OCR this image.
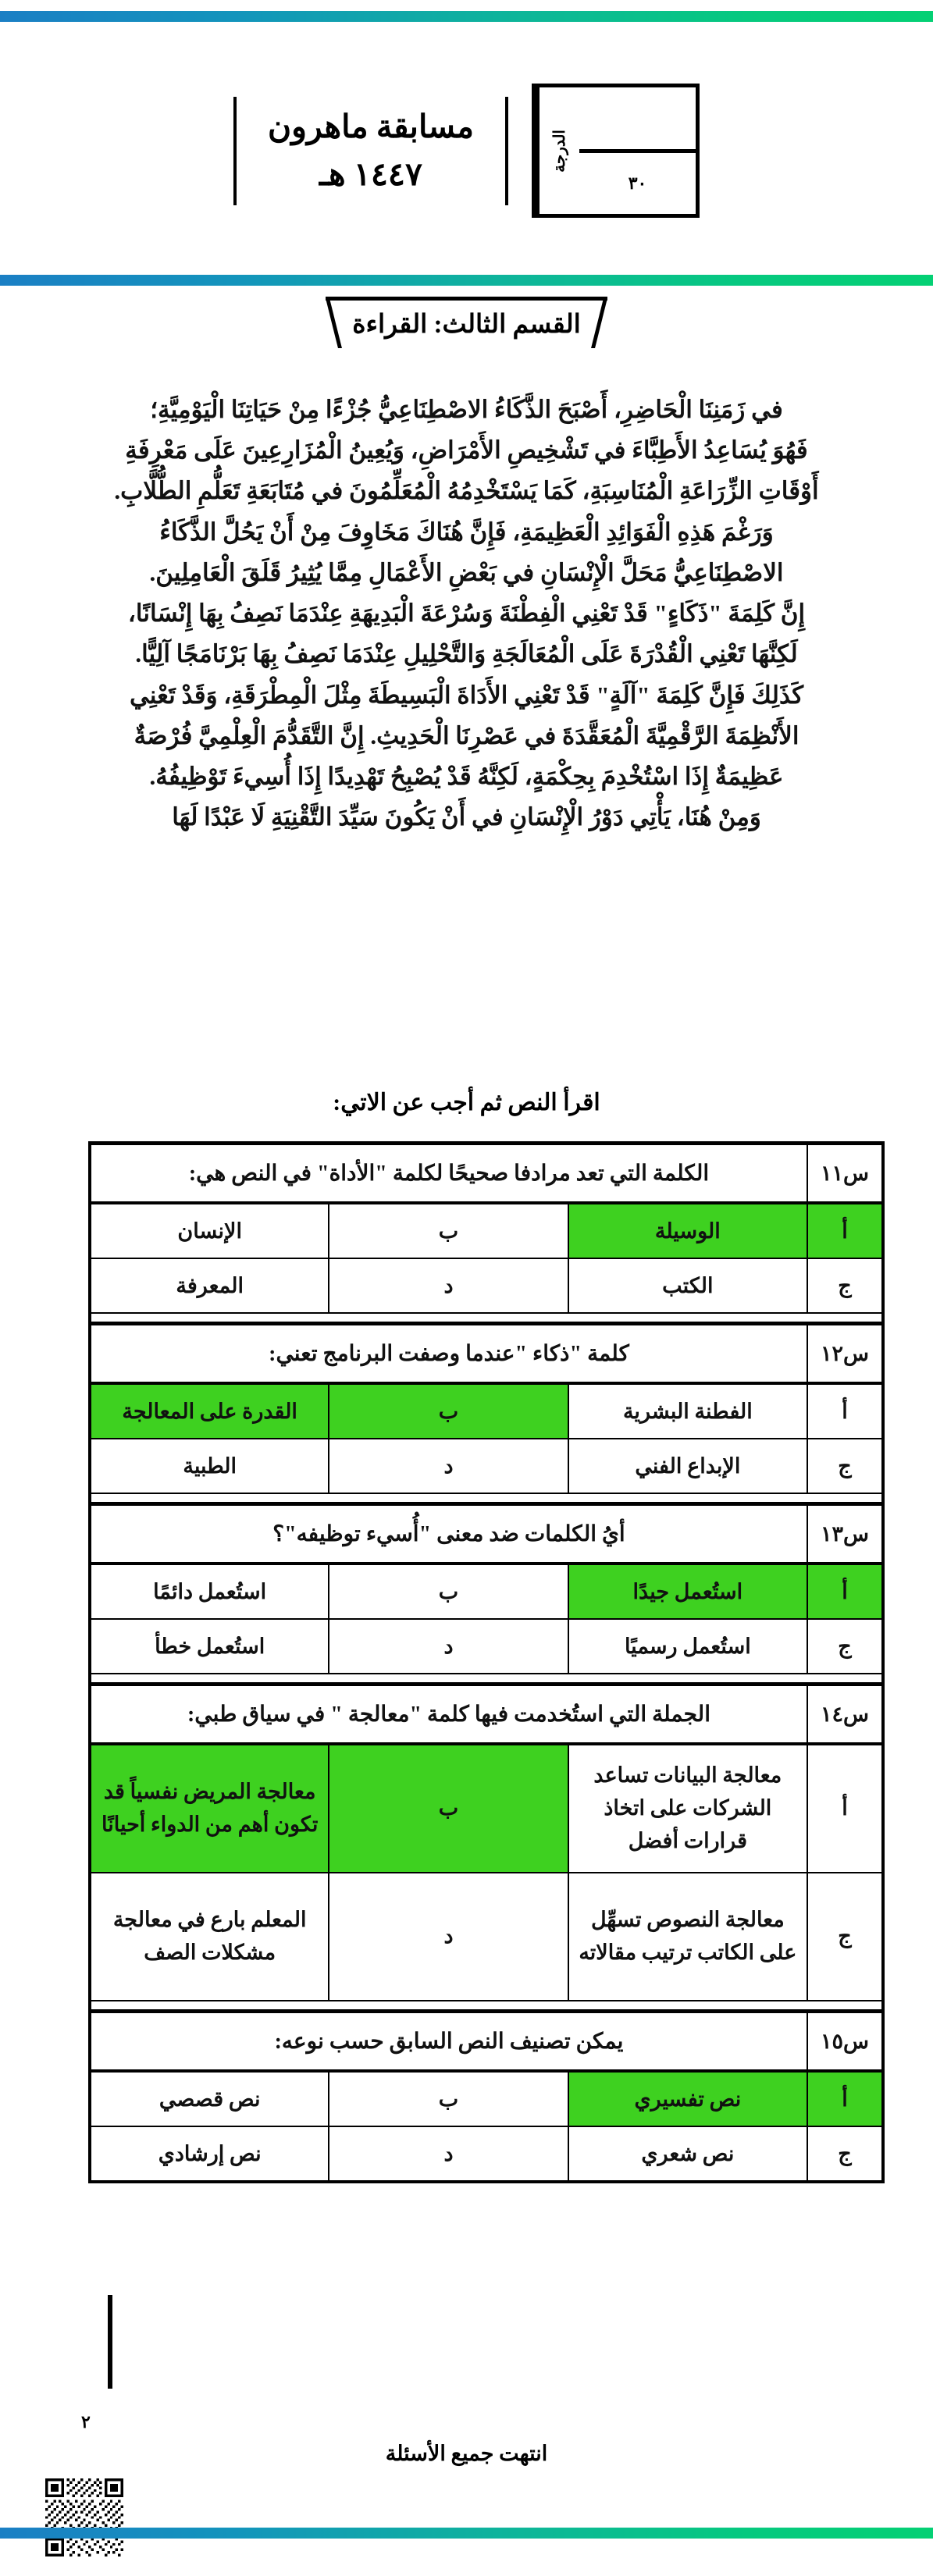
مسابقة ماهرون
١٤٤٧ هـ
الدرجة
٣٠
القسم الثالث: القراءة

في زَمَنِنَا الْحَاضِرِ، أَصْبَحَ الذَّكَاءُ الاصْطِنَاعِيُّ جُزْءًا مِنْ حَيَاتِنَا الْيَوْمِيَّةِ؛

فَهُوَ يُسَاعِدُ الأَطِبَّاءَ في تَشْخِيصِ الأَمْرَاضِ، وَيُعِينُ الْمُزَارِعِينَ عَلَى مَعْرِفَةِ

أَوْقَاتِ الزِّرَاعَةِ الْمُنَاسِبَةِ، كَمَا يَسْتَخْدِمُهُ الْمُعَلِّمُونَ في مُتَابَعَةِ تَعَلُّمِ الطُّلَّابِ.

وَرَغْمَ هَذِهِ الْفَوَائِدِ الْعَظِيمَةِ، فَإِنَّ هُنَاكَ مَخَاوِفَ مِنْ أَنْ يَحُلَّ الذَّكَاءُ

الاصْطِنَاعِيُّ مَحَلَّ الْإِنْسَانِ في بَعْضِ الأَعْمَالِ مِمَّا يُثِيرُ قَلَقَ الْعَامِلِينَ.

إِنَّ كَلِمَةَ "ذَكَاءٍ" قَدْ تَعْنِي الْفِطْنَةَ وَسُرْعَةَ الْبَدِيهَةِ عِنْدَمَا نَصِفُ بِهَا إِنْسَانًا،

لَكِنَّهَا تَعْنِي الْقُدْرَةَ عَلَى الْمُعَالَجَةِ وَالتَّحْلِيلِ عِنْدَمَا نَصِفُ بِهَا بَرْنَامَجًا آلِيًّا.

كَذَلِكَ فَإِنَّ كَلِمَةَ "آلَةٍ" قَدْ تَعْنِي الأَدَاةَ الْبَسِيطَةَ مِثْلَ الْمِطْرَقَةِ، وَقَدْ تَعْنِي

الأَنْظِمَةَ الرَّقْمِيَّةَ الْمُعَقَّدَةَ في عَصْرِنَا الْحَدِيثِ. إِنَّ التَّقَدُّمَ الْعِلْمِيَّ فُرْصَةٌ

عَظِيمَةٌ إِذَا اسْتُخْدِمَ بِحِكْمَةٍ، لَكِنَّهُ قَدْ يُصْبِحُ تَهْدِيدًا إِذَا أُسِيءَ تَوْظِيفُهُ.

وَمِنْ هُنَا، يَأْتِي دَوْرُ الْإِنْسَانِ في أَنْ يَكُونَ سَيِّدَ التَّقْنِيَةِ لَا عَبْدًا لَهَا

اقرأ النص ثم أجب عن الاتي:
س١١	الكلمة التي تعد مرادفا صحيحًا لكلمة "الأداة" في النص هي:		
أ	الوسيلة	ب	الإنسان
ج	الكتب	د	المعرفة

س١٢	كلمة "ذكاء "عندما وصفت البرنامج تعني:		
أ	الفطنة البشرية	ب	القدرة على المعالجة
ج	الإبداع الفني	د	الطبية

س١٣	أيُ الكلمات ضد معنى "أُسيء توظيفه"؟		
أ	استُعمل جيدًا	ب	استُعمل دائمًا
ج	استُعمل رسميًا	د	استُعمل خطأ

س١٤	الجملة التي استُخدمت فيها كلمة "معالجة " في سياق طبي:		
أ	معالجة البيانات تساعد الشركات على اتخاذ قرارات أفضل	ب	معالجة المريض نفسياً قد تكون أهم من الدواء أحيانًا
ج	معالجة النصوص تسهِّل على الكاتب ترتيب مقالاته	د	المعلم بارع في معالجة مشكلات الصف

س١٥	يمكن تصنيف النص السابق حسب نوعه:		
أ	نص تفسيري	ب	نص قصصي
ج	نص شعري	د	نص إرشادي
٢
انتهت جميع الأسئلة
